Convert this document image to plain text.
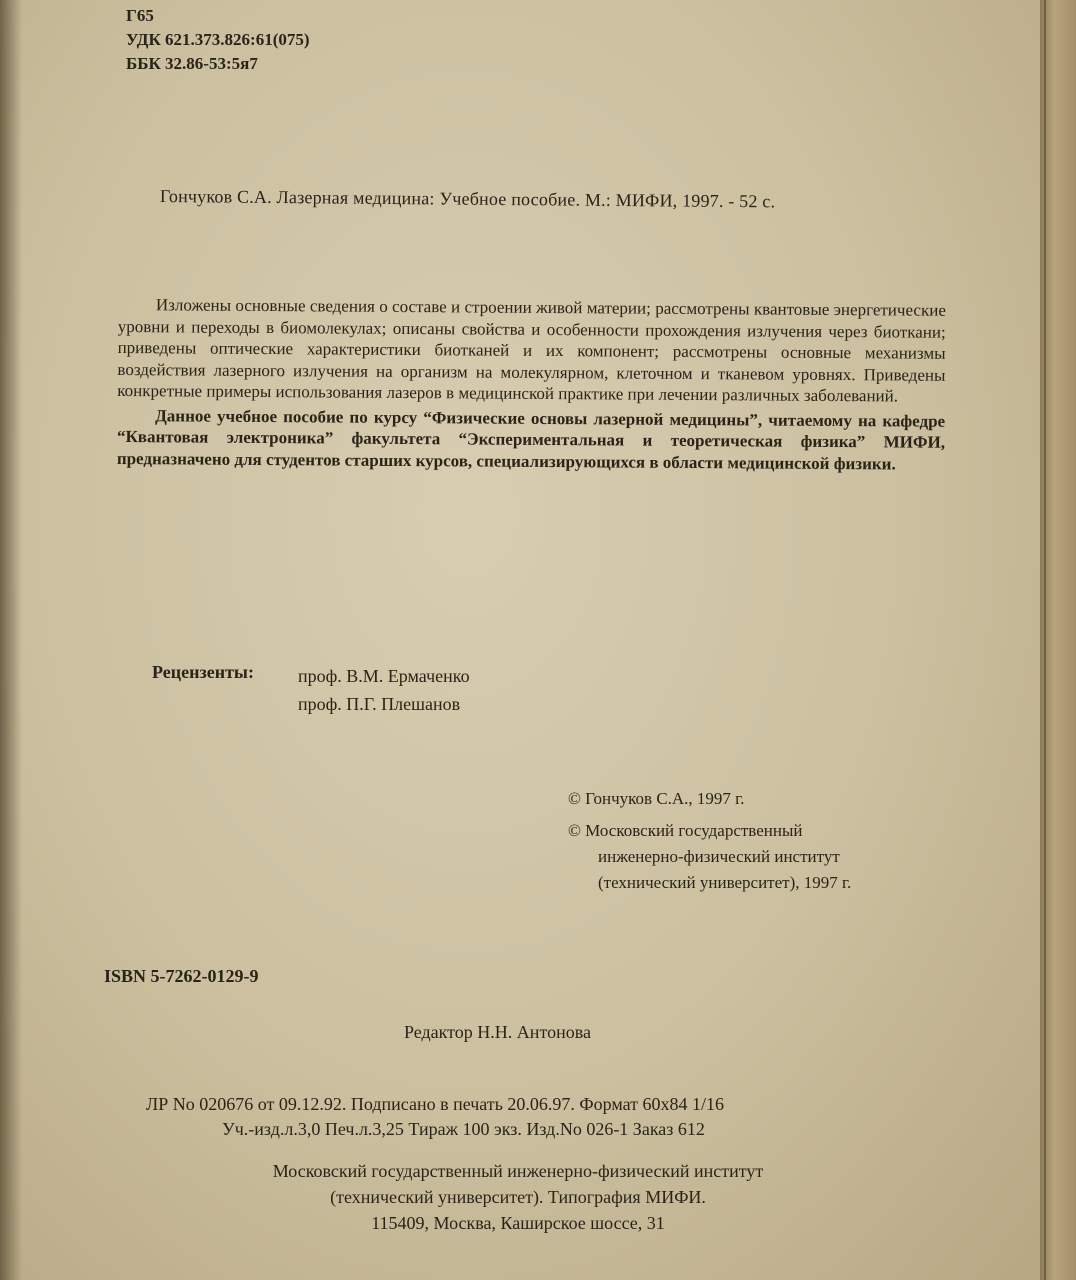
Г65
УДК 621.373.826:61(075)
ББК 32.86-53:5я7

Гончуков С.А. Лазерная медицина: Учебное пособие. М.: МИФИ, 1997. - 52 с.

Изложены основные сведения о составе и строении живой материи; рассмотрены квантовые энергетические уровни и переходы в биомолекулах; описаны свойства и особенности прохождения излучения через биоткани; приведены оптические характеристики биотканей и их компонент; рассмотрены основные механизмы воздействия лазерного излучения на организм на молекулярном, клеточном и тканевом уровнях. Приведены конкретные примеры использования лазеров в медицинской практике при лечении различных заболеваний.

Данное учебное пособие по курсу “Физические основы лазерной медицины”, читаемому на кафедре “Квантовая электроника” факультета “Экспериментальная и теоретическая физика” МИФИ, предназначено для студентов старших курсов, специализирующихся в области медицинской физики.

Рецензенты: проф. В.М. Ермаченко
проф. П.Г. Плешанов
© Гончуков С.А., 1997 г.
© Московский государственный
инженерно-физический институт
(технический университет), 1997 г.
ISBN 5-7262-0129-9
Редактор Н.Н. Антонова
ЛР No 020676 от 09.12.92. Подписано в печать 20.06.97. Формат 60х84 1/16
Уч.-изд.л.3,0 Печ.л.3,25 Тираж 100 экз. Изд.No 026-1 Заказ 612
Московский государственный инженерно-физический институт
(технический университет). Типография МИФИ.
115409, Москва, Каширское шоссе, 31
